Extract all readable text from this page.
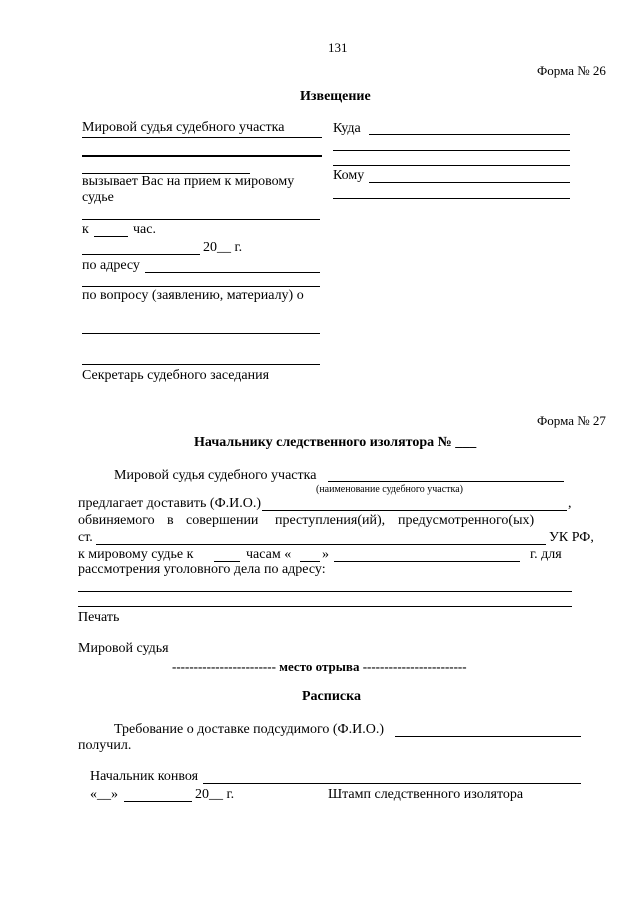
131
Форма № 26
Извещение
Мировой судья судебного участка
вызывает Вас на прием к мировому
судье
к	час.
20__ г.
по адресу
по вопросу (заявлению, материалу) о
Секретарь судебного заседания
Куда
Кому
Форма № 27
Начальнику следственного изолятора № ___
Мировой судья судебного участка
(наименование судебного участка)
предлагает доставить (Ф.И.О.)	,
обвиняемого в совершении преступления(ий), предусмотренного(ых)
ст.	УК РФ,
к мировому судье к	часам « »	г. для
рассмотрения уголовного дела по адресу:
Печать
Мировой судья
------------------------ место отрыва ------------------------
Расписка
Требование о доставке подсудимого (Ф.И.О.)
получил.
Начальник конвоя
«__»	20__ г.	Штамп следственного изолятора
